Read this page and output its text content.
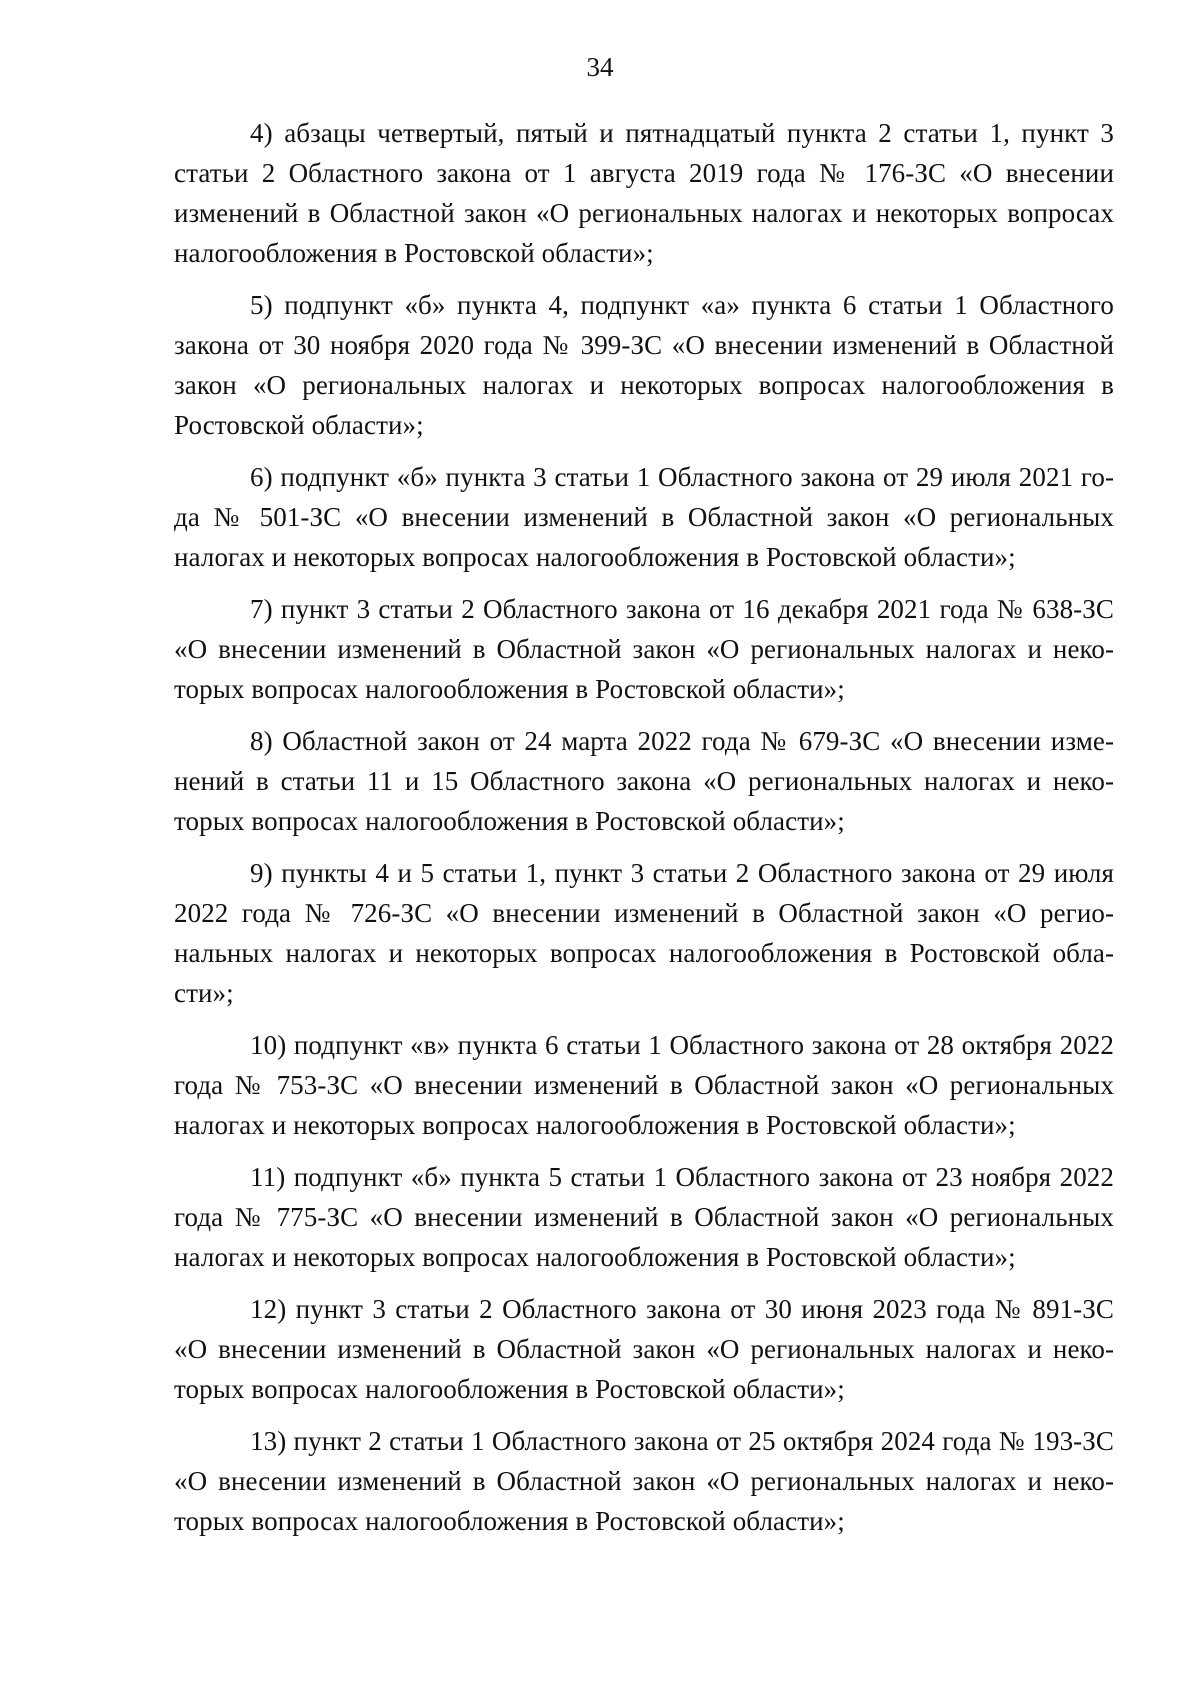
34

4) абзацы четвертый, пятый и пятнадцатый пункта 2 статьи 1, пункт 3 статьи 2 Областного закона от 1 августа 2019 года № 176-ЗС «О внесении изменений в Областной закон «О региональных налогах и некоторых вопросах налогообложения в Ростовской области»;

5) подпункт «б» пункта 4, подпункт «а» пункта 6 статьи 1 Областного закона от 30 ноября 2020 года № 399-ЗС «О внесении изменений в Областной закон «О региональных налогах и некоторых вопросах налогообложения в Ростовской области»;

6) подпункт «б» пункта 3 статьи 1 Областного закона от 29 июля 2021 года № 501-ЗС «О внесении изменений в Областной закон «О региональных налогах и некоторых вопросах налогообложения в Ростовской области»;

7) пункт 3 статьи 2 Областного закона от 16 декабря 2021 года № 638-ЗС «О внесении изменений в Областной закон «О региональных налогах и некоторых вопросах налогообложения в Ростовской области»;

8) Областной закон от 24 марта 2022 года № 679-ЗС «О внесении изменений в статьи 11 и 15 Областного закона «О региональных налогах и некоторых вопросах налогообложения в Ростовской области»;

9) пункты 4 и 5 статьи 1, пункт 3 статьи 2 Областного закона от 29 июля 2022 года № 726-ЗС «О внесении изменений в Областной закон «О региональных налогах и некоторых вопросах налогообложения в Ростовской области»;

10) подпункт «в» пункта 6 статьи 1 Областного закона от 28 октября 2022 года № 753-ЗС «О внесении изменений в Областной закон «О региональных налогах и некоторых вопросах налогообложения в Ростовской области»;

11) подпункт «б» пункта 5 статьи 1 Областного закона от 23 ноября 2022 года № 775-ЗС «О внесении изменений в Областной закон «О региональных налогах и некоторых вопросах налогообложения в Ростовской области»;

12) пункт 3 статьи 2 Областного закона от 30 июня 2023 года № 891-ЗС «О внесении изменений в Областной закон «О региональных налогах и некоторых вопросах налогообложения в Ростовской области»;

13) пункт 2 статьи 1 Областного закона от 25 октября 2024 года № 193-ЗС «О внесении изменений в Областной закон «О региональных налогах и некоторых вопросах налогообложения в Ростовской области»;
